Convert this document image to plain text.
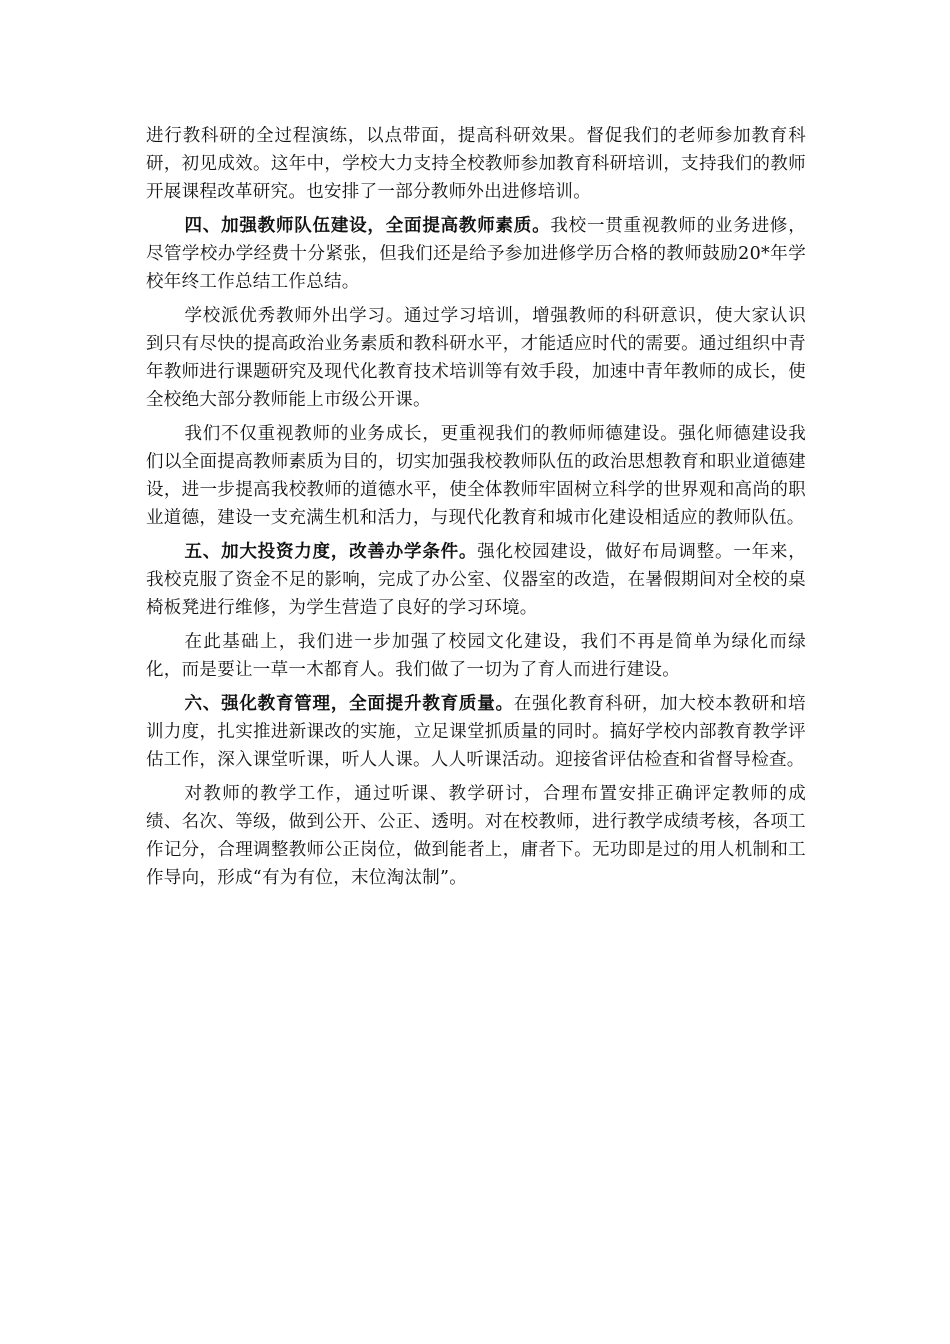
进行教科研的全过程演练，以点带面，提高科研效果。督促我们的老师参加教育科研，初见成效。这年中，学校大力支持全校教师参加教育科研培训，支持我们的教师开展课程改革研究。也安排了一部分教师外出进修培训。

四、加强教师队伍建设，全面提高教师素质。我校一贯重视教师的业务进修，尽管学校办学经费十分紧张，但我们还是给予参加进修学历合格的教师鼓励20*年学校年终工作总结工作总结。

学校派优秀教师外出学习。通过学习培训，增强教师的科研意识，使大家认识到只有尽快的提高政治业务素质和教科研水平，才能适应时代的需要。通过组织中青年教师进行课题研究及现代化教育技术培训等有效手段，加速中青年教师的成长，使全校绝大部分教师能上市级公开课。

我们不仅重视教师的业务成长，更重视我们的教师师德建设。强化师德建设我们以全面提高教师素质为目的，切实加强我校教师队伍的政治思想教育和职业道德建设，进一步提高我校教师的道德水平，使全体教师牢固树立科学的世界观和高尚的职业道德，建设一支充满生机和活力，与现代化教育和城市化建设相适应的教师队伍。

五、加大投资力度，改善办学条件。强化校园建设，做好布局调整。一年来，我校克服了资金不足的影响，完成了办公室、仪器室的改造，在暑假期间对全校的桌椅板凳进行维修，为学生营造了良好的学习环境。

在此基础上，我们进一步加强了校园文化建设，我们不再是简单为绿化而绿化，而是要让一草一木都育人。我们做了一切为了育人而进行建设。

六、强化教育管理，全面提升教育质量。在强化教育科研，加大校本教研和培训力度，扎实推进新课改的实施，立足课堂抓质量的同时。搞好学校内部教育教学评估工作，深入课堂听课，听人人课。人人听课活动。迎接省评估检查和省督导检查。

对教师的教学工作，通过听课、教学研讨，合理布置安排正确评定教师的成绩、名次、等级，做到公开、公正、透明。对在校教师，进行教学成绩考核，各项工作记分，合理调整教师公正岗位，做到能者上，庸者下。无功即是过的用人机制和工作导向，形成“有为有位，末位淘汰制”。
